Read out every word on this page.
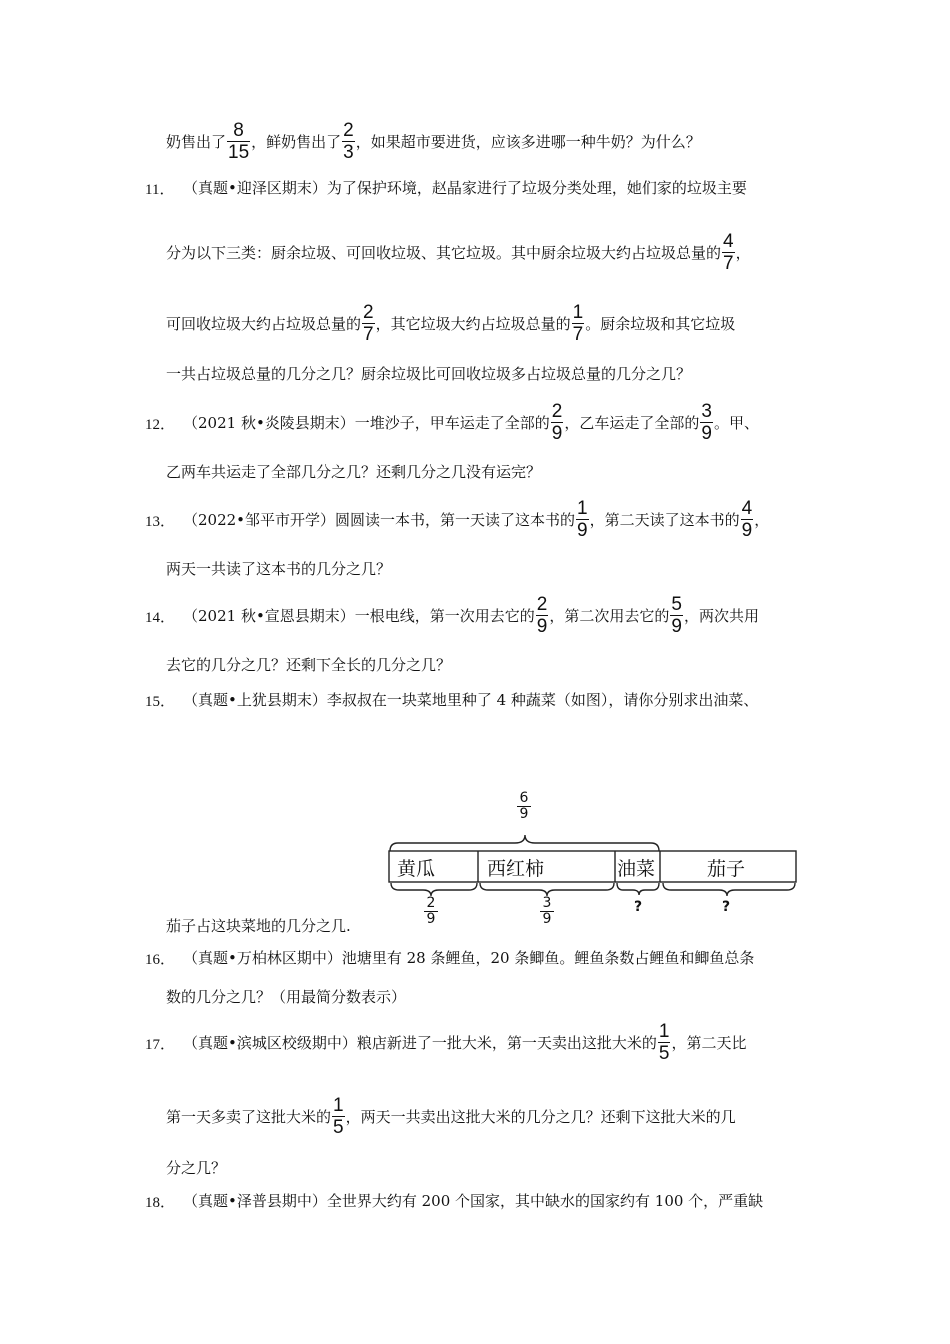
奶售出了 $\frac{8}{15}$ ，鲜奶售出了 $\frac{2}{3}$ ，如果超市要进货，应该多进哪一种牛奶？为什么？
11． （真题•迎泽区期末）为了保护环境，赵晶家进行了垃圾分类处理，她们家的垃圾主要
分为以下三类：厨余垃圾、可回收垃圾、其它垃圾。其中厨余垃圾大约占垃圾总量的 $\frac{4}{7}$ ，
可回收垃圾大约占垃圾总量的 $\frac{2}{7}$ ，其它垃圾大约占垃圾总量的 $\frac{1}{7}$ 。厨余垃圾和其它垃圾
一共占垃圾总量的几分之几？厨余垃圾比可回收垃圾多占垃圾总量的几分之几？
12． （2021 秋•炎陵县期末）一堆沙子，甲车运走了全部的 $\frac{2}{9}$ ，乙车运走了全部的 $\frac{3}{9}$ 。甲、
乙两车共运走了全部几分之几？还剩几分之几没有运完？
13． （2022•邹平市开学）圆圆读一本书，第一天读了这本书的 $\frac{1}{9}$ ，第二天读了这本书的 $\frac{4}{9}$ ，
两天一共读了这本书的几分之几？
14． （2021 秋•宣恩县期末）一根电线，第一次用去它的 $\frac{2}{9}$ ，第二次用去它的 $\frac{5}{9}$ ，两次共用
去它的几分之几？还剩下全长的几分之几？
15． （真题•上犹县期末）李叔叔在一块菜地里种了 4 种蔬菜（如图），请你分别求出油菜、
茄子占这块菜地的几分之几.
6
9
黄瓜	西红柿	油菜	茄子
2
9
3
9
?	?
16． （真题•万柏林区期中）池塘里有 28 条鲤鱼，20 条鲫鱼。鲤鱼条数占鲤鱼和鲫鱼总条
数的几分之几？（用最简分数表示）
17． （真题•滨城区校级期中）粮店新进了一批大米，第一天卖出这批大米的 $\frac{1}{5}$ ，第二天比
第一天多卖了这批大米的 $\frac{1}{5}$ ，两天一共卖出这批大米的几分之几？还剩下这批大米的几
分之几？
18． （真题•泽普县期中）全世界大约有 200 个国家，其中缺水的国家约有 100 个，严重缺
